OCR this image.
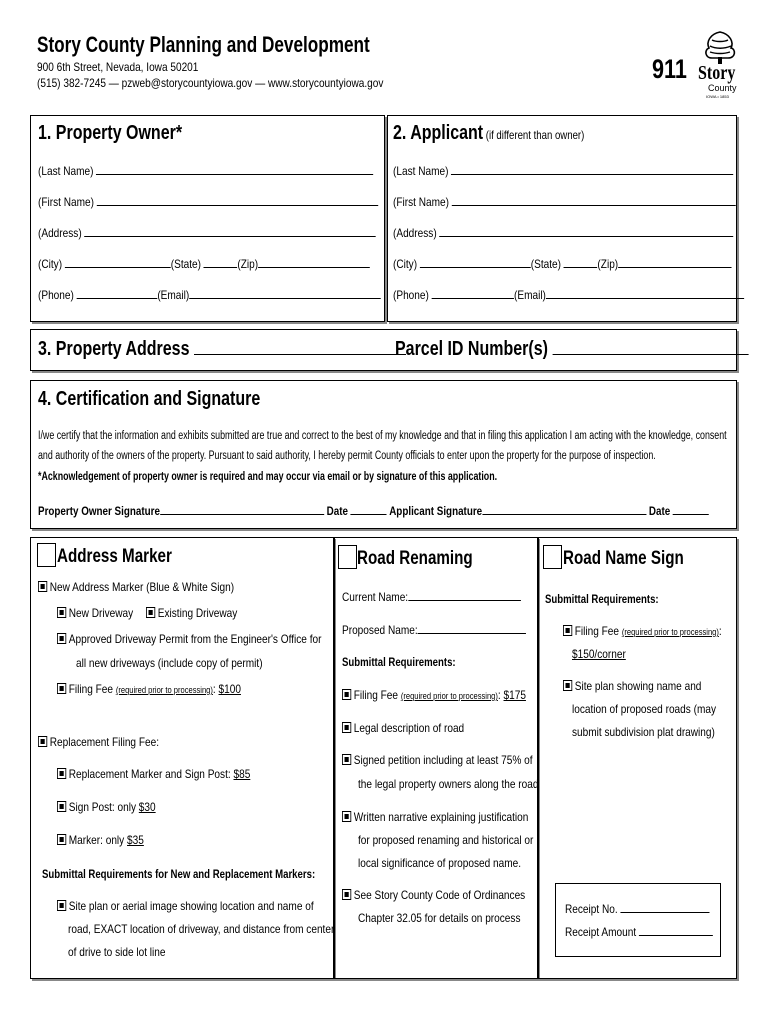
Story County Planning and Development
900 6th Street, Nevada, Iowa 50201
(515) 382-7245 — pzweb@storycountyiowa.gov — www.storycountyiowa.gov	911 Story
County
IOWA • 1853
1. Property Owner*
(Last Name)
(First Name)
(Address)
(City)	(State)	(Zip)
(Phone)	(Email)
2. Applicant (if different than owner)
(Last Name)
(First Name)
(Address)
(City)	(State)	(Zip)
(Phone)	(Email)
3. Property Address	Parcel ID Number(s)
4. Certification and Signature
I/we certify that the information and exhibits submitted are true and correct to the best of my knowledge and that in filing this application I am acting with the knowledge, consent
and authority of the owners of the property. Pursuant to said authority, I hereby permit County officials to enter upon the property for the purpose of inspection.
*Acknowledgement of property owner is required and may occur via email or by signature of this application.
Property Owner Signature	Date	Applicant Signature	Date
Address Marker
New Address Marker (Blue & White Sign)
New Driveway	Existing Driveway
Approved Driveway Permit from the Engineer's Office for
all new driveways (include copy of permit)
Filing Fee (required prior to processing): $100
Replacement Filing Fee:
Replacement Marker and Sign Post: $85
Sign Post: only $30
Marker: only $35
Submittal Requirements for New and Replacement Markers:
Site plan or aerial image showing location and name of
road, EXACT location of driveway, and distance from center
of drive to side lot line
Road Renaming
Current Name:
Proposed Name:
Submittal Requirements:
Filing Fee (required prior to processing): $175
Legal description of road
Signed petition including at least 75% of
the legal property owners along the road
Written narrative explaining justification
for proposed renaming and historical or
local significance of proposed name.
See Story County Code of Ordinances
Chapter 32.05 for details on process
Road Name Sign
Submittal Requirements:
Filing Fee (required prior to processing):
$150/corner
Site plan showing name and
location of proposed roads (may
submit subdivision plat drawing)
Receipt No.
Receipt Amount
